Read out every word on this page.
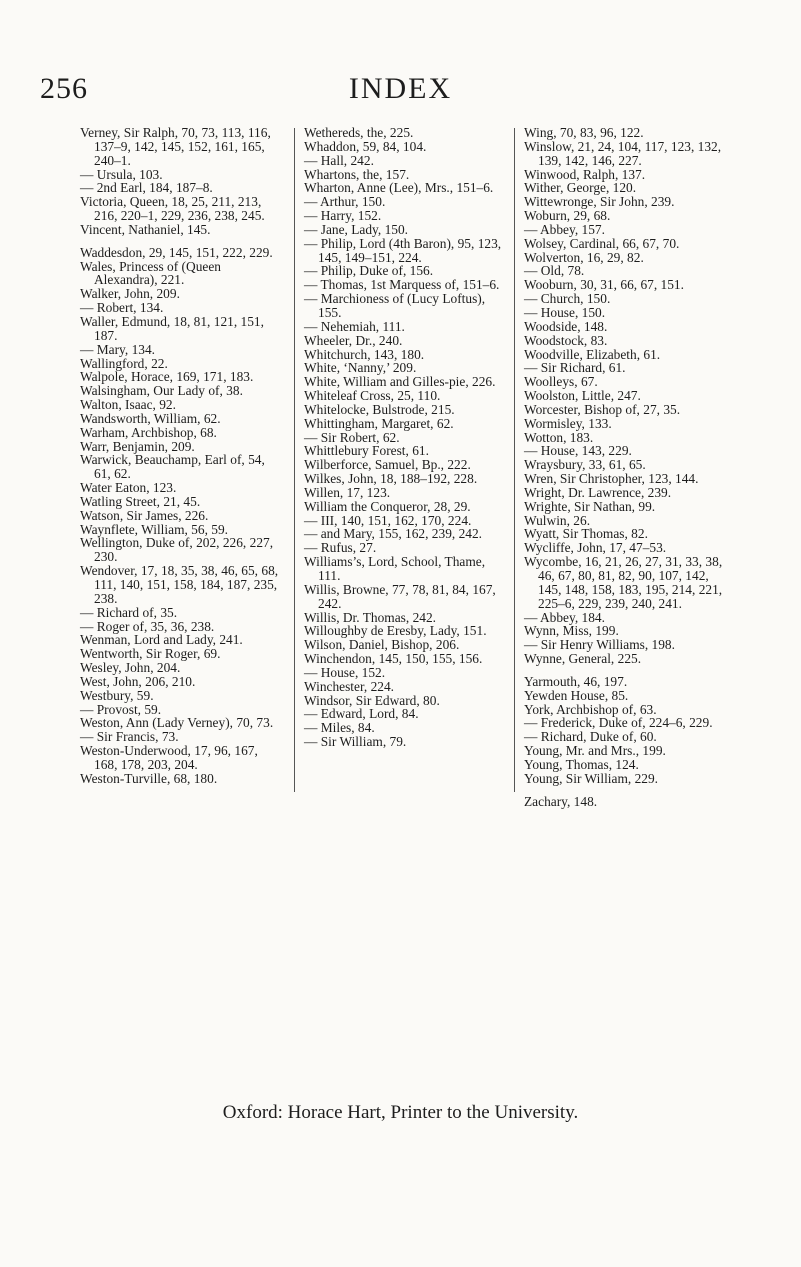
256	INDEX
Verney, Sir Ralph, 70, 73, 113, 116, 137–9, 142, 145, 152, 161, 165, 240–1.
— Ursula, 103.
— 2nd Earl, 184, 187–8.
Victoria, Queen, 18, 25, 211, 213, 216, 220–1, 229, 236, 238, 245.
Vincent, Nathaniel, 145.
Waddesdon, 29, 145, 151, 222, 229.
Wales, Princess of (Queen Alexandra), 221.
Walker, John, 209.
— Robert, 134.
Waller, Edmund, 18, 81, 121, 151, 187.
— Mary, 134.
Wallingford, 22.
Walpole, Horace, 169, 171, 183.
Walsingham, Our Lady of, 38.
Walton, Isaac, 92.
Wandsworth, William, 62.
Warham, Archbishop, 68.
Warr, Benjamin, 209.
Warwick, Beauchamp, Earl of, 54, 61, 62.
Water Eaton, 123.
Watling Street, 21, 45.
Watson, Sir James, 226.
Waynflete, William, 56, 59.
Wellington, Duke of, 202, 226, 227, 230.
Wendover, 17, 18, 35, 38, 46, 65, 68, 111, 140, 151, 158, 184, 187, 235, 238.
— Richard of, 35.
— Roger of, 35, 36, 238.
Wenman, Lord and Lady, 241.
Wentworth, Sir Roger, 69.
Wesley, John, 204.
West, John, 206, 210.
Westbury, 59.
— Provost, 59.
Weston, Ann (Lady Verney), 70, 73.
— Sir Francis, 73.
Weston-Underwood, 17, 96, 167, 168, 178, 203, 204.
Weston-Turville, 68, 180.
Wethereds, the, 225.
Whaddon, 59, 84, 104.
— Hall, 242.
Whartons, the, 157.
Wharton, Anne (Lee), Mrs., 151–6.
— Arthur, 150.
— Harry, 152.
— Jane, Lady, 150.
— Philip, Lord (4th Baron), 95, 123, 145, 149–151, 224.
— Philip, Duke of, 156.
— Thomas, 1st Marquess of, 151–6.
— Marchioness of (Lucy Loftus), 155.
— Nehemiah, 111.
Wheeler, Dr., 240.
Whitchurch, 143, 180.
White, ‘Nanny,’ 209.
White, William and Gilles-pie, 226.
Whiteleaf Cross, 25, 110.
Whitelocke, Bulstrode, 215.
Whittingham, Margaret, 62.
— Sir Robert, 62.
Whittlebury Forest, 61.
Wilberforce, Samuel, Bp., 222.
Wilkes, John, 18, 188–192, 228.
Willen, 17, 123.
William the Conqueror, 28, 29.
— III, 140, 151, 162, 170, 224.
— and Mary, 155, 162, 239, 242.
— Rufus, 27.
Williams’s, Lord, School, Thame, 111.
Willis, Browne, 77, 78, 81, 84, 167, 242.
Willis, Dr. Thomas, 242.
Willoughby de Eresby, Lady, 151.
Wilson, Daniel, Bishop, 206.
Winchendon, 145, 150, 155, 156.
— House, 152.
Winchester, 224.
Windsor, Sir Edward, 80.
— Edward, Lord, 84.
— Miles, 84.
— Sir William, 79.
Wing, 70, 83, 96, 122.
Winslow, 21, 24, 104, 117, 123, 132, 139, 142, 146, 227.
Winwood, Ralph, 137.
Wither, George, 120.
Wittewronge, Sir John, 239.
Woburn, 29, 68.
— Abbey, 157.
Wolsey, Cardinal, 66, 67, 70.
Wolverton, 16, 29, 82.
— Old, 78.
Wooburn, 30, 31, 66, 67, 151.
— Church, 150.
— House, 150.
Woodside, 148.
Woodstock, 83.
Woodville, Elizabeth, 61.
— Sir Richard, 61.
Woolleys, 67.
Woolston, Little, 247.
Worcester, Bishop of, 27, 35.
Wormisley, 133.
Wotton, 183.
— House, 143, 229.
Wraysbury, 33, 61, 65.
Wren, Sir Christopher, 123, 144.
Wright, Dr. Lawrence, 239.
Wrighte, Sir Nathan, 99.
Wulwin, 26.
Wyatt, Sir Thomas, 82.
Wycliffe, John, 17, 47–53.
Wycombe, 16, 21, 26, 27, 31, 33, 38, 46, 67, 80, 81, 82, 90, 107, 142, 145, 148, 158, 183, 195, 214, 221, 225–6, 229, 239, 240, 241.
— Abbey, 184.
Wynn, Miss, 199.
— Sir Henry Williams, 198.
Wynne, General, 225.
Yarmouth, 46, 197.
Yewden House, 85.
York, Archbishop of, 63.
— Frederick, Duke of, 224–6, 229.
— Richard, Duke of, 60.
Young, Mr. and Mrs., 199.
Young, Thomas, 124.
Young, Sir William, 229.
Zachary, 148.
Oxford: Horace Hart, Printer to the University.
